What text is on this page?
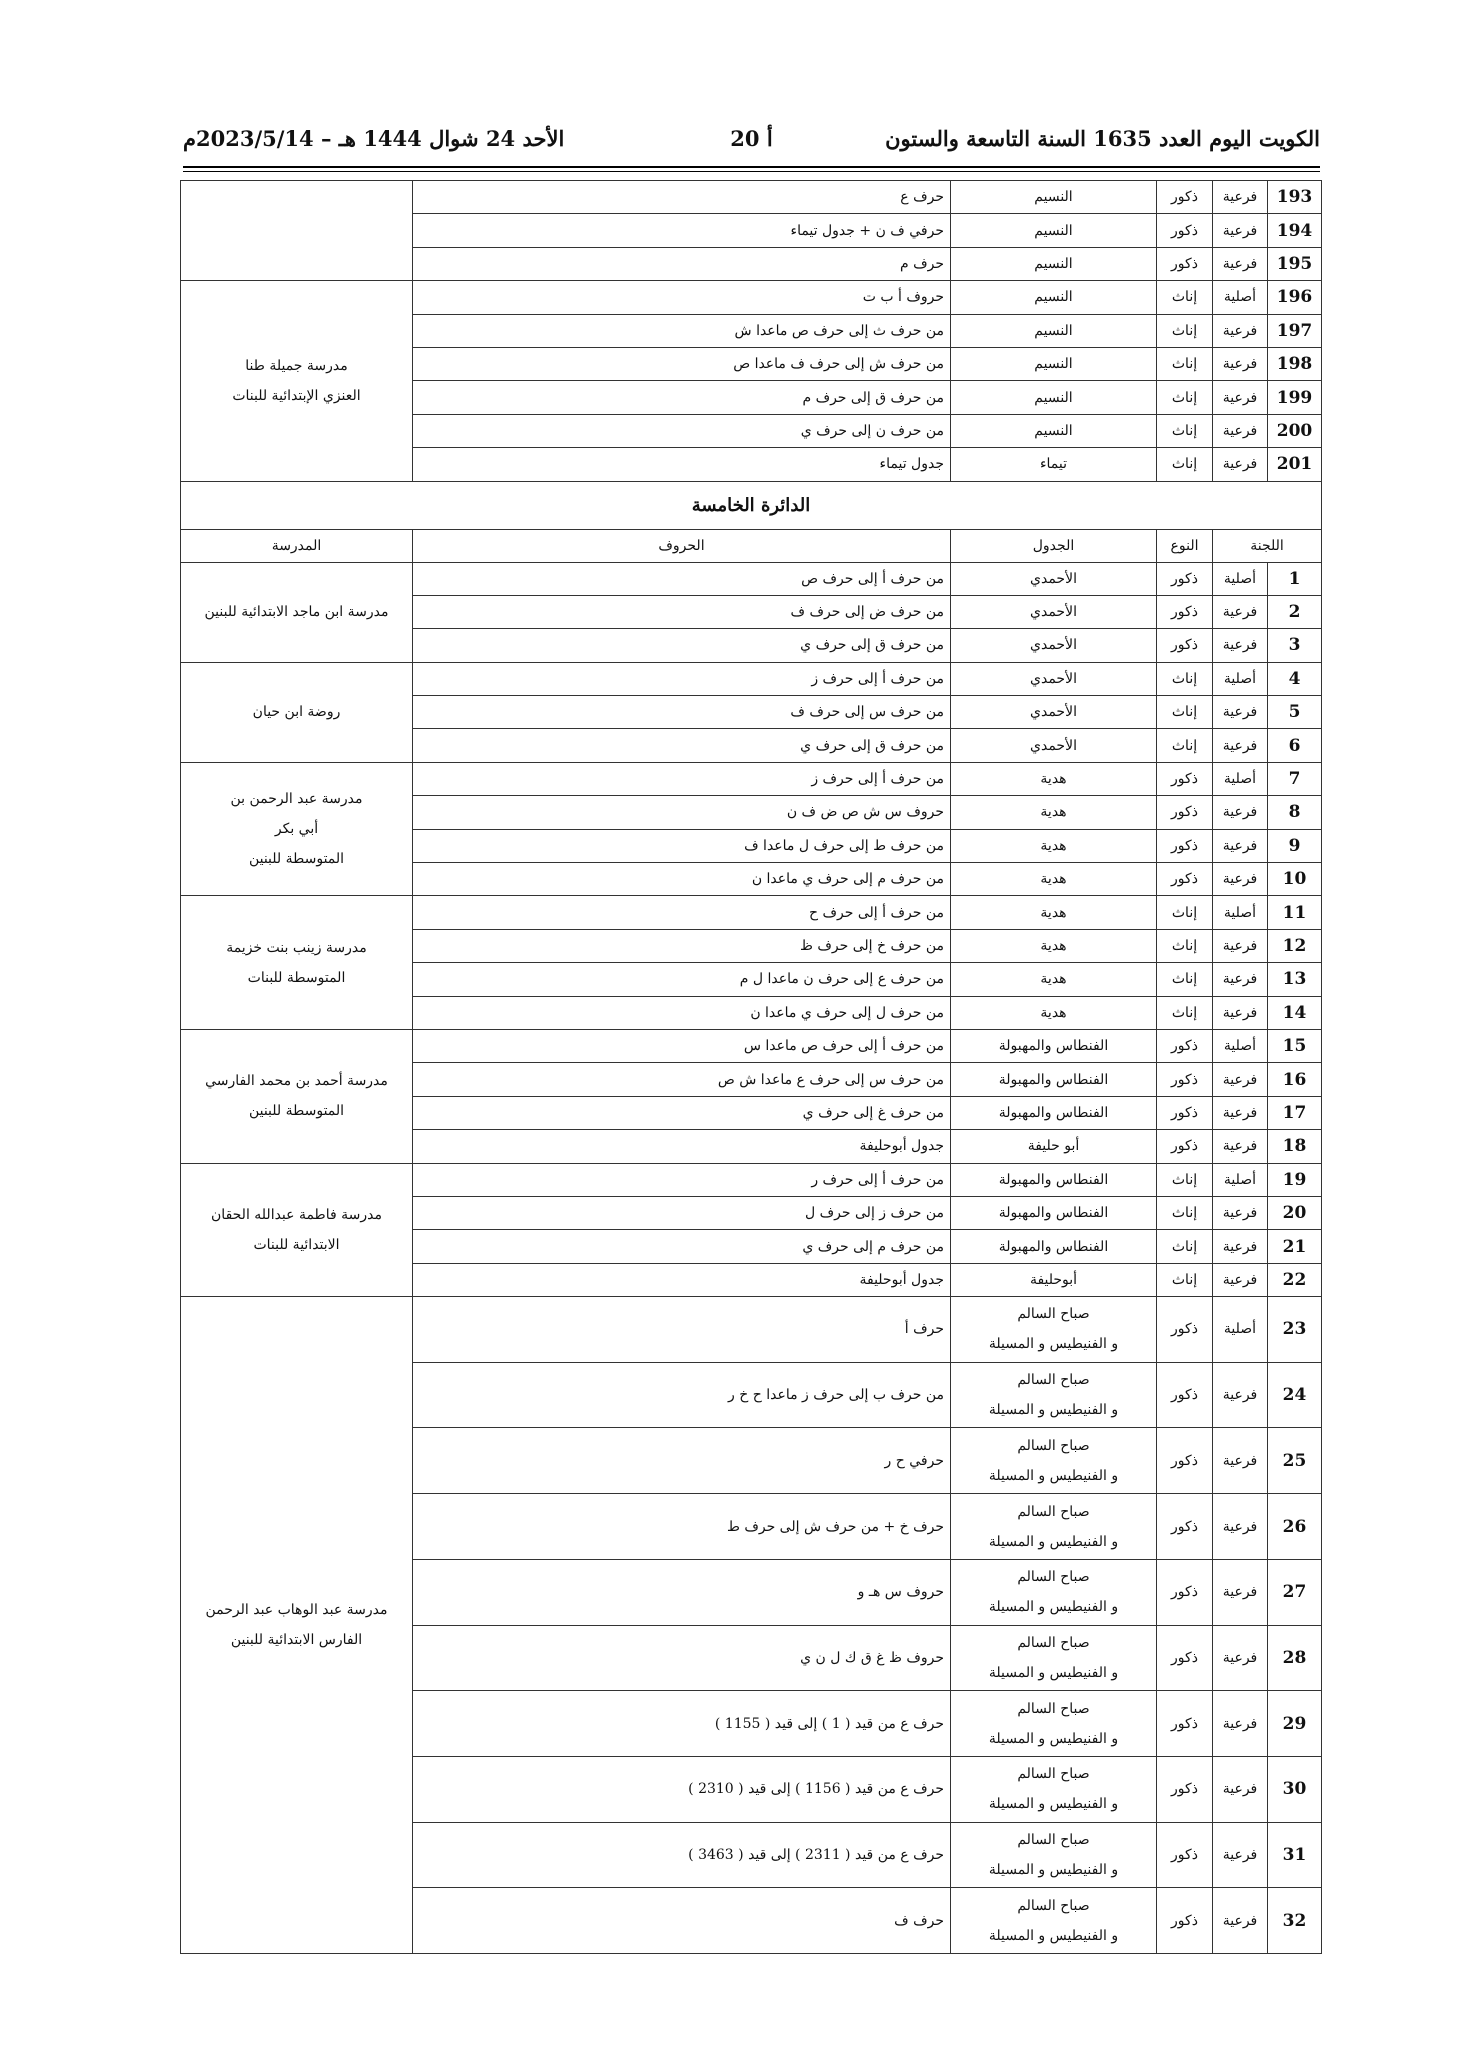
الكويت اليوم العدد 1635 السنة التاسعة والستون
أ 20
الأحد 24 شوال 1444 هـ – 2023/5/14م
193	فرعية	ذكور	النسيم	حرف ع	
194	فرعية	ذكور	النسيم	حرفي ف ن + جدول تيماء	
195	فرعية	ذكور	النسيم	حرف م	
196	أصلية	إناث	النسيم	حروف أ ب ت	مدرسة جميلة طنا
العنزي الإبتدائية للبنات
197	فرعية	إناث	النسيم	من حرف ث إلى حرف ص ماعدا ش	
198	فرعية	إناث	النسيم	من حرف ش إلى حرف ف ماعدا ص	
199	فرعية	إناث	النسيم	من حرف ق إلى حرف م	
200	فرعية	إناث	النسيم	من حرف ن إلى حرف ي	
201	فرعية	إناث	تيماء	جدول تيماء	
الدائرة الخامسة					
اللجنة		النوع	الجدول	الحروف	المدرسة
1	أصلية	ذكور	الأحمدي	من حرف أ إلى حرف ص	مدرسة ابن ماجد الابتدائية للبنين
2	فرعية	ذكور	الأحمدي	من حرف ض إلى حرف ف	
3	فرعية	ذكور	الأحمدي	من حرف ق إلى حرف ي	
4	أصلية	إناث	الأحمدي	من حرف أ إلى حرف ز	روضة ابن حيان
5	فرعية	إناث	الأحمدي	من حرف س إلى حرف ف	
6	فرعية	إناث	الأحمدي	من حرف ق إلى حرف ي	
7	أصلية	ذكور	هدية	من حرف أ إلى حرف ز	مدرسة عبد الرحمن بن
أبي بكر
المتوسطة للبنين
8	فرعية	ذكور	هدية	حروف س ش ص ض ف ن	
9	فرعية	ذكور	هدية	من حرف ط إلى حرف ل ماعدا ف	
10	فرعية	ذكور	هدية	من حرف م إلى حرف ي ماعدا ن	
11	أصلية	إناث	هدية	من حرف أ إلى حرف ح	مدرسة زينب بنت خزيمة
المتوسطة للبنات
12	فرعية	إناث	هدية	من حرف خ إلى حرف ظ	
13	فرعية	إناث	هدية	من حرف ع إلى حرف ن ماعدا ل م	
14	فرعية	إناث	هدية	من حرف ل إلى حرف ي ماعدا ن	
15	أصلية	ذكور	الفنطاس والمهبولة	من حرف أ إلى حرف ص ماعدا س	مدرسة أحمد بن محمد الفارسي
المتوسطة للبنين
16	فرعية	ذكور	الفنطاس والمهبولة	من حرف س إلى حرف ع ماعدا ش ص	
17	فرعية	ذكور	الفنطاس والمهبولة	من حرف غ إلى حرف ي	
18	فرعية	ذكور	أبو حليفة	جدول أبوحليفة	
19	أصلية	إناث	الفنطاس والمهبولة	من حرف أ إلى حرف ر	مدرسة فاطمة عبدالله الحقان
الابتدائية للبنات
20	فرعية	إناث	الفنطاس والمهبولة	من حرف ز إلى حرف ل	
21	فرعية	إناث	الفنطاس والمهبولة	من حرف م إلى حرف ي	
22	فرعية	إناث	أبوحليفة	جدول أبوحليفة	
23	أصلية	ذكور	صباح السالم
و الفنيطيس و المسيلة	حرف أ	مدرسة عبد الوهاب عبد الرحمن
الفارس الابتدائية للبنين
24	فرعية	ذكور	صباح السالم
و الفنيطيس و المسيلة	من حرف ب إلى حرف ز ماعدا ح خ ر	
25	فرعية	ذكور	صباح السالم
و الفنيطيس و المسيلة	حرفي ح ر	
26	فرعية	ذكور	صباح السالم
و الفنيطيس و المسيلة	حرف خ + من حرف ش إلى حرف ط	
27	فرعية	ذكور	صباح السالم
و الفنيطيس و المسيلة	حروف س هـ و	
28	فرعية	ذكور	صباح السالم
و الفنيطيس و المسيلة	حروف ظ غ ق ك ل ن ي	
29	فرعية	ذكور	صباح السالم
و الفنيطيس و المسيلة	حرف ع من قيد ( 1 ) إلى قيد ( 1155 )	
30	فرعية	ذكور	صباح السالم
و الفنيطيس و المسيلة	حرف ع من قيد ( 1156 ) إلى قيد ( 2310 )	
31	فرعية	ذكور	صباح السالم
و الفنيطيس و المسيلة	حرف ع من قيد ( 2311 ) إلى قيد ( 3463 )	
32	فرعية	ذكور	صباح السالم
و الفنيطيس و المسيلة	حرف ف	
